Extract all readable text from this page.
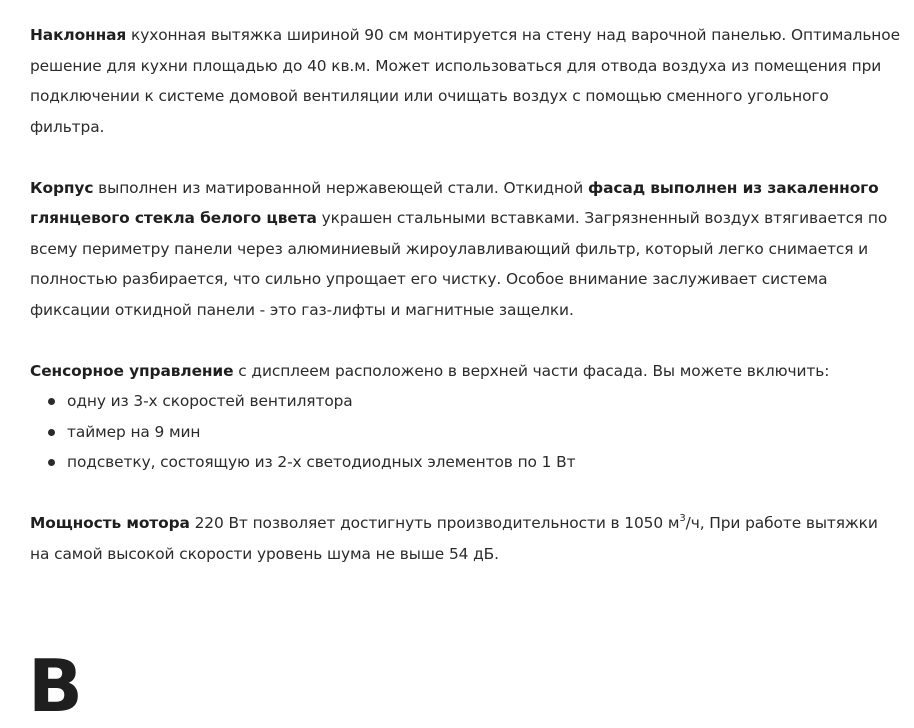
Наклонная кухонная вытяжка шириной 90 см монтируется на стену над варочной панелью. Оптимальное решение для кухни площадью до 40 кв.м. Может использоваться для отвода воздуха из помещения при подключении к системе домовой вентиляции или очищать воздух с помощью сменного угольного фильтра.

Корпус выполнен из матированной нержавеющей стали. Откидной фасад выполнен из закаленного глянцевого стекла белого цвета украшен стальными вставками. Загрязненный воздух втягивается по всему периметру панели через алюминиевый жироулавливающий фильтр, который легко снимается и полностью разбирается, что сильно упрощает его чистку. Особое внимание заслуживает система фиксации откидной панели - это газ-лифты и магнитные защелки.

Сенсорное управление с дисплеем расположено в верхней части фасада. Вы можете включить:

одну из 3-х скоростей вентилятора
таймер на 9 мин
подсветку, состоящую из 2-х светодиодных элементов по 1 Вт

Мощность мотора 220 Вт позволяет достигнуть производительности в 1050 $м^3/ч$, При работе вытяжки на самой высокой скорости уровень шума не выше 54 дБ.

В
